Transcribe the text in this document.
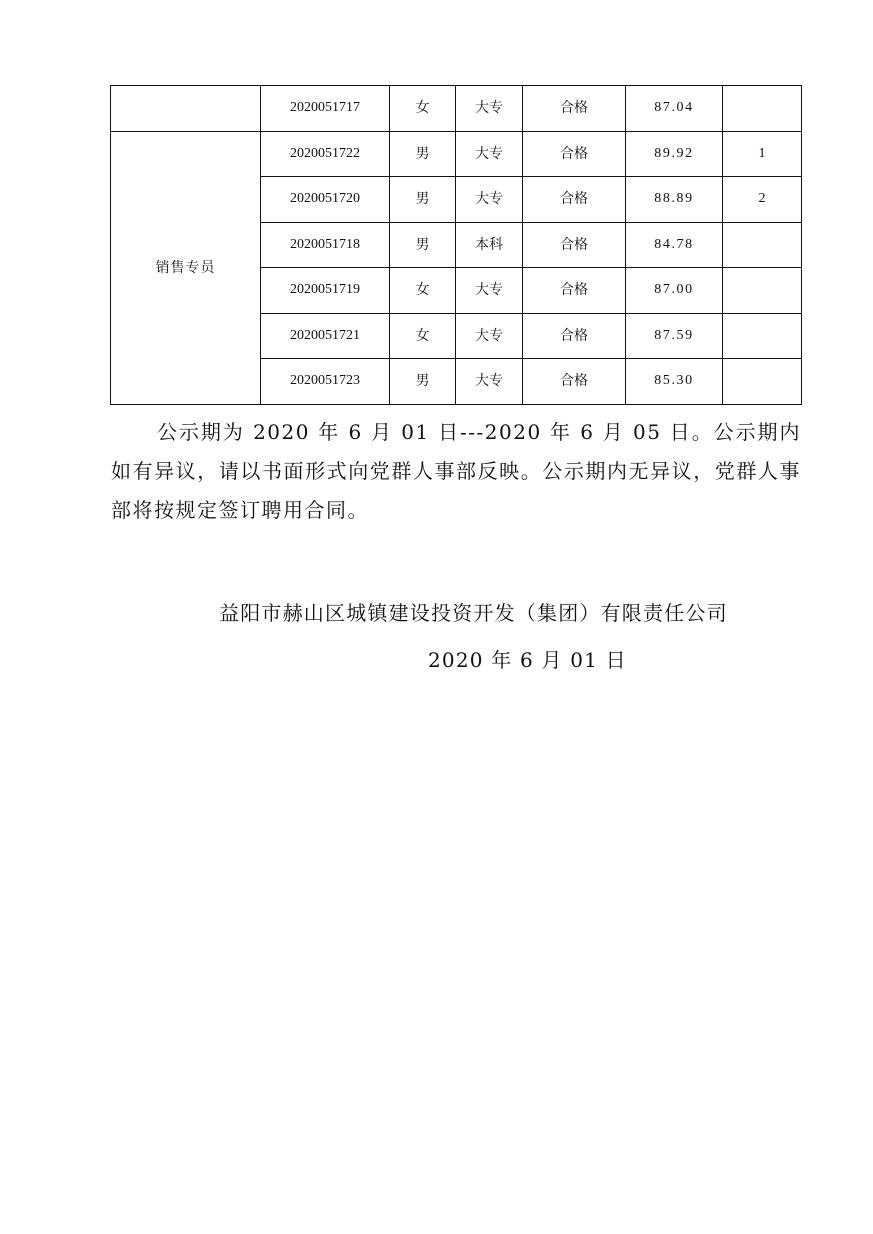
	2020051717	女	大专	合格	87.04	
销售专员	2020051722	男	大专	合格	89.92	1
	2020051720	男	大专	合格	88.89	2
	2020051718	男	本科	合格	84.78	
	2020051719	女	大专	合格	87.00	
	2020051721	女	大专	合格	87.59	
	2020051723	男	大专	合格	85.30	

公示期为 2020 年 6 月 01 日---2020 年 6 月 05 日。公示期内如有异议，请以书面形式向党群人事部反映。公示期内无异议，党群人事部将按规定签订聘用合同。

益阳市赫山区城镇建设投资开发（集团）有限责任公司
2020 年 6 月 01 日
